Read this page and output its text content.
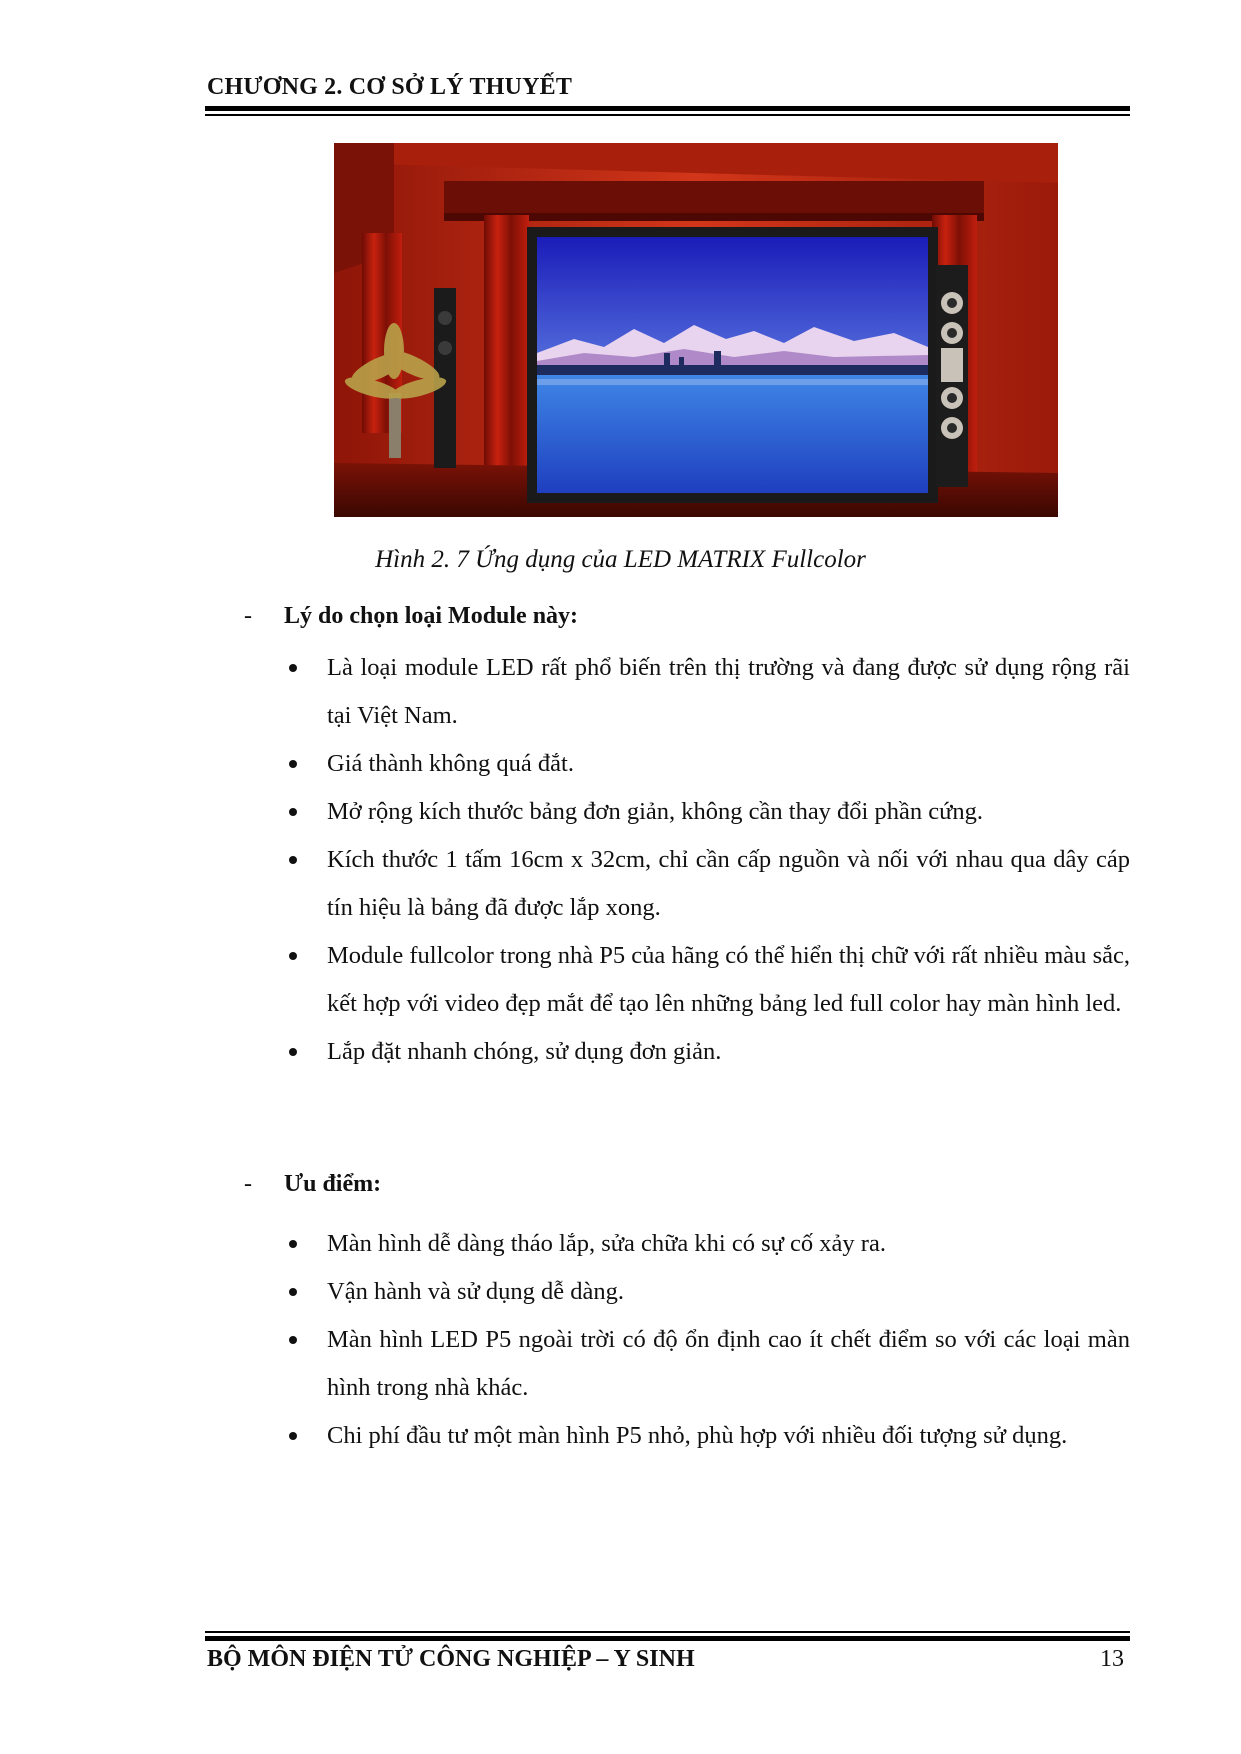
CHƯƠNG 2. CƠ SỞ LÝ THUYẾT
Hình 2. 7 Ứng dụng của LED MATRIX Fullcolor
- Lý do chọn loại Module này:
Là loại module LED rất phổ biến trên thị trường và đang được sử dụng rộng rãi tại Việt Nam.
Giá thành không quá đắt.
Mở rộng kích thước bảng đơn giản, không cần thay đổi phần cứng.
Kích thước 1 tấm 16cm x 32cm, chỉ cần cấp nguồn và nối với nhau qua dây cáp tín hiệu là bảng đã được lắp xong.
Module fullcolor trong nhà P5 của hãng có thể hiển thị chữ với rất nhiều màu sắc, kết hợp với video đẹp mắt để tạo lên những bảng led full color hay màn hình led.
Lắp đặt nhanh chóng, sử dụng đơn giản.
- Ưu điểm:
Màn hình dễ dàng tháo lắp, sửa chữa khi có sự cố xảy ra.
Vận hành và sử dụng dễ dàng.
Màn hình LED P5 ngoài trời có độ ổn định cao ít chết điểm so với các loại màn hình trong nhà khác.
Chi phí đầu tư một màn hình P5 nhỏ, phù hợp với nhiều đối tượng sử dụng.
BỘ MÔN ĐIỆN TỬ CÔNG NGHIỆP – Y SINH	13
